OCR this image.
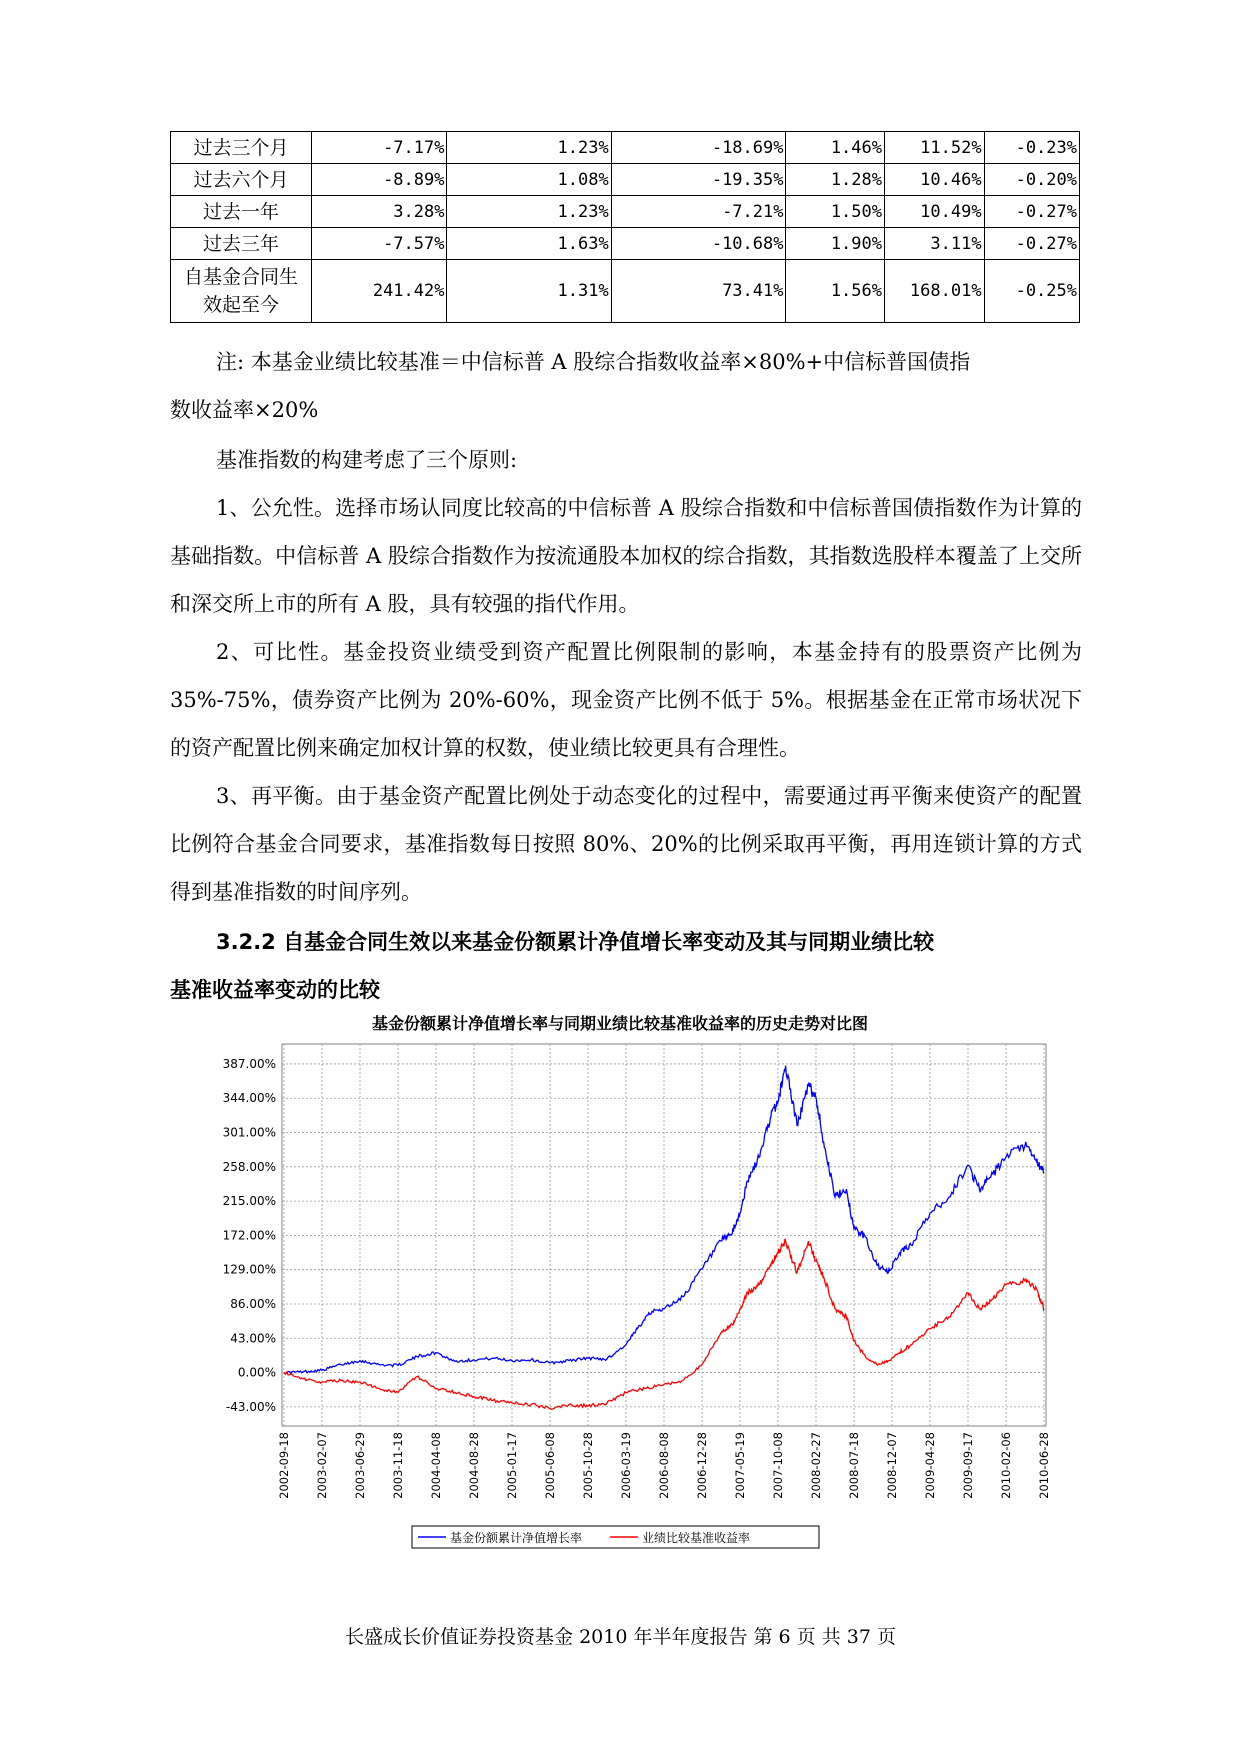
过去三个月	-7.17%	1.23%	-18.69%	1.46%	11.52%	-0.23%
过去六个月	-8.89%	1.08%	-19.35%	1.28%	10.46%	-0.20%
过去一年	3.28%	1.23%	-7.21%	1.50%	10.49%	-0.27%
过去三年	-7.57%	1.63%	-10.68%	1.90%	3.11%	-0.27%
自基金合同生
效起至今	241.42%	1.31%	73.41%	1.56%	168.01%	-0.25%

注: 本基金业绩比较基准＝中信标普 A 股综合指数收益率×80%+中信标普国债指
数收益率×20%

基准指数的构建考虑了三个原则:

1、公允性。选择市场认同度比较高的中信标普 A 股综合指数和中信标普国债指数作为计算的基础指数。中信标普 A 股综合指数作为按流通股本加权的综合指数，其指数选股样本覆盖了上交所和深交所上市的所有 A 股，具有较强的指代作用。

2、可比性。基金投资业绩受到资产配置比例限制的影响，本基金持有的股票资产比例为 35%-75%，债券资产比例为 20%-60%，现金资产比例不低于 5%。根据基金在正常市场状况下的资产配置比例来确定加权计算的权数，使业绩比较更具有合理性。

3、再平衡。由于基金资产配置比例处于动态变化的过程中，需要通过再平衡来使资产的配置比例符合基金合同要求，基准指数每日按照 80%、20%的比例采取再平衡，再用连锁计算的方式得到基准指数的时间序列。

3.2.2 自基金合同生效以来基金份额累计净值增长率变动及其与同期业绩比较
基准收益率变动的比较

基金份额累计净值增长率与同期业绩比较基准收益率的历史走势对比图
-43.00%
0.00%
43.00%
86.00%
129.00%
172.00%
215.00%
258.00%
301.00%
344.00%
387.00%
2002-09-18 2003-02-07 2003-06-29 2003-11-18 2004-04-08 2004-08-28 2005-01-17 2005-06-08 2005-10-28 2006-03-19 2006-08-08 2006-12-28 2007-05-19 2007-10-08 2008-02-27 2008-07-18 2008-12-07 2009-04-28 2009-09-17 2010-02-06 2010-06-28
基金份额累计净值增长率	业绩比较基准收益率
长盛成长价值证券投资基金 2010 年半年度报告 第 6 页 共 37 页
